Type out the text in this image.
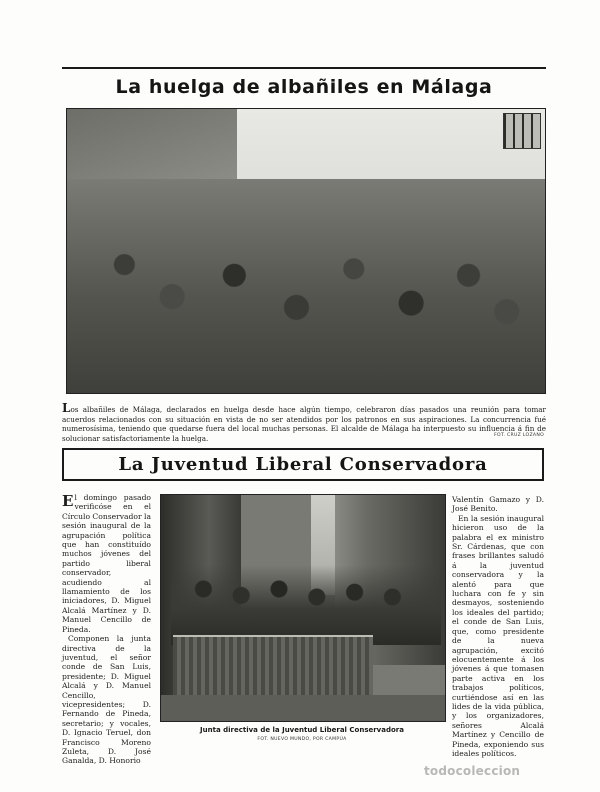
La huelga de albañiles en Málaga
Los albañiles de Málaga, declarados en huelga desde hace algún tiempo, celebraron días pasados una reunión para tomar acuerdos relacionados con su situación en vista de no ser atendidos por los patronos en sus aspiraciones. La concurrencia fué numerosísima, teniendo que quedarse fuera del local muchas personas. El alcalde de Málaga ha interpuesto su influencia á fin de solucionar satisfactoriamente la huelga.	FOT. CRUZ LOZANO
La Juventud Liberal Conservadora

El domingo pasado verificóse en el Círculo Conservador la sesión inaugural de la agrupación política que han constituído muchos jóvenes del partido liberal conservador, acudiendo al llamamiento de los iniciadores, D. Miguel Alcalá Martínez y D. Manuel Cencillo de Pineda.

Componen la junta directiva de la juventud, el señor conde de San Luis, presidente; D. Miguel Alcalá y D. Manuel Cencillo, vicepresidentes; D. Fernando de Pineda, secretario; y vocales, D. Ignacio Teruel, don Francisco Moreno Zuleta, D. José Ganalda, D. Honorio

Valentín Gamazo y D. José Benito.

En la sesión inaugural hicieron uso de la palabra el ex ministro Sr. Cárdenas, que con frases brillantes saludó á la juventud conservadora y la alentó para que luchara con fe y sin desmayos, sosteniendo los ideales del partido; el conde de San Luis, que, como presidente de la nueva agrupación, excitó elocuentemente á los jóvenes á que tomasen parte activa en los trabajos políticos, curtiéndose así en las lides de la vida pública, y los organizadores, señores Alcalá Martínez y Cencillo de Pineda, exponiendo sus ideales políticos.

Junta directiva de la Juventud Liberal Conservadora
FOT. NUEVO MUNDO, POR CAMPÚA
todocoleccion
